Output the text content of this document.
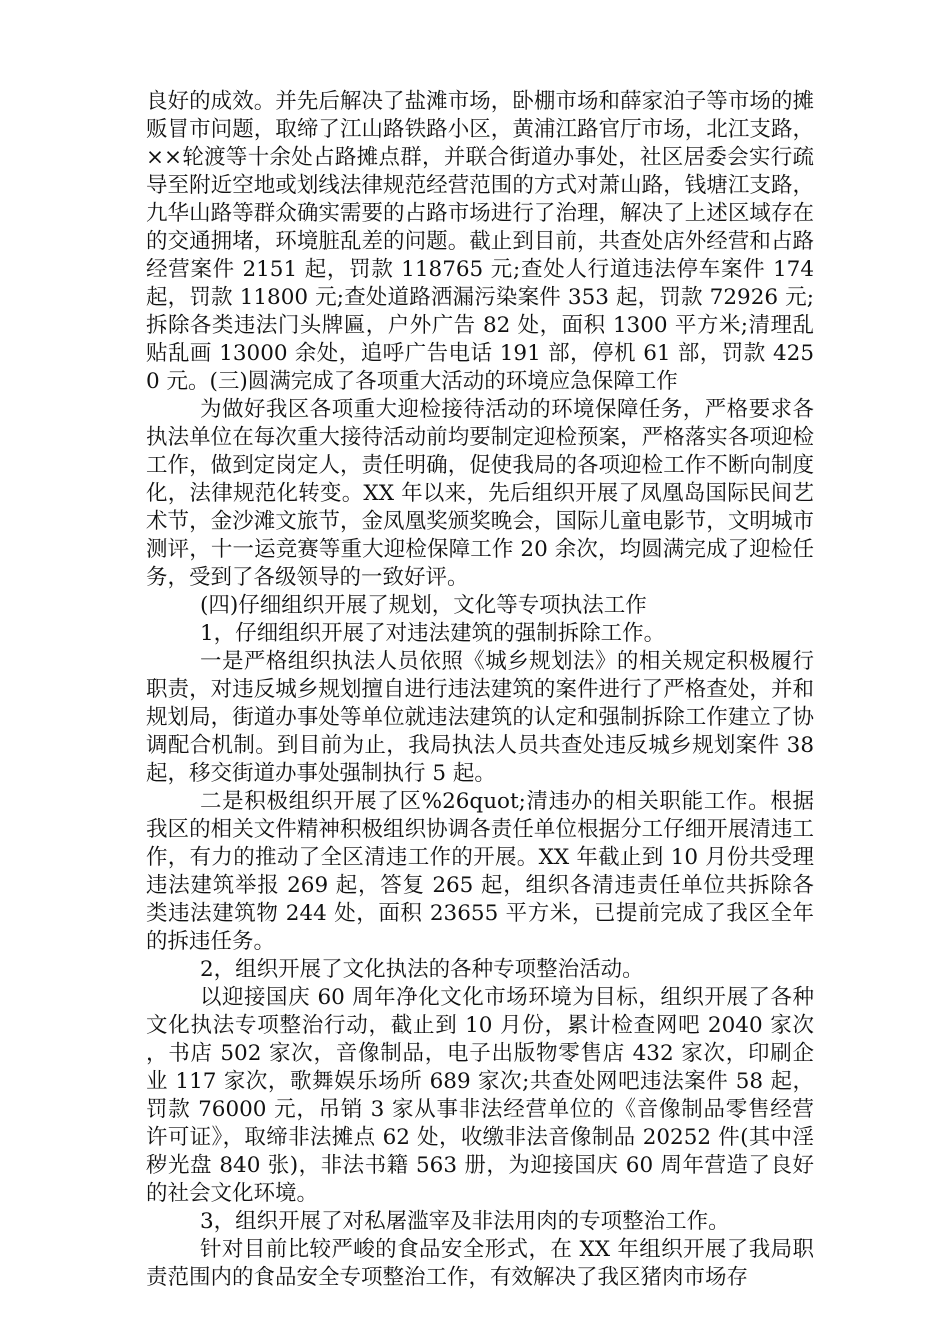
良好的成效。并先后解决了盐滩市场，卧棚市场和薛家泊子等市场的摊贩冒市问题，取缔了江山路铁路小区，黄浦江路官厅市场，北江支路，××轮渡等十余处占路摊点群，并联合街道办事处，社区居委会实行疏导至附近空地或划线法律规范经营范围的方式对萧山路，钱塘江支路，九华山路等群众确实需要的占路市场进行了治理，解决了上述区域存在的交通拥堵，环境脏乱差的问题。截止到目前，共查处店外经营和占路经营案件 2151 起，罚款 118765 元;查处人行道违法停车案件 174 起，罚款 11800 元;查处道路洒漏污染案件 353 起，罚款 72926 元;拆除各类违法门头牌匾，户外广告 82 处，面积 1300 平方米;清理乱贴乱画 13000 余处，追呼广告电话 191 部，停机 61 部，罚款 4250 元。(三)圆满完成了各项重大活动的环境应急保障工作

为做好我区各项重大迎检接待活动的环境保障任务，严格要求各执法单位在每次重大接待活动前均要制定迎检预案，严格落实各项迎检工作，做到定岗定人，责任明确，促使我局的各项迎检工作不断向制度化，法律规范化转变。XX 年以来，先后组织开展了凤凰岛国际民间艺术节，金沙滩文旅节，金凤凰奖颁奖晚会，国际儿童电影节，文明城市测评，十一运竞赛等重大迎检保障工作 20 余次，均圆满完成了迎检任务，受到了各级领导的一致好评。

(四)仔细组织开展了规划，文化等专项执法工作

1，仔细组织开展了对违法建筑的强制拆除工作。

一是严格组织执法人员依照《城乡规划法》的相关规定积极履行职责，对违反城乡规划擅自进行违法建筑的案件进行了严格查处，并和规划局，街道办事处等单位就违法建筑的认定和强制拆除工作建立了协调配合机制。到目前为止，我局执法人员共查处违反城乡规划案件 38 起，移交街道办事处强制执行 5 起。

二是积极组织开展了区%26quot;清违办的相关职能工作。根据我区的相关文件精神积极组织协调各责任单位根据分工仔细开展清违工作，有力的推动了全区清违工作的开展。XX 年截止到 10 月份共受理违法建筑举报 269 起，答复 265 起，组织各清违责任单位共拆除各类违法建筑物 244 处，面积 23655 平方米，已提前完成了我区全年的拆违任务。

2，组织开展了文化执法的各种专项整治活动。

以迎接国庆 60 周年净化文化市场环境为目标，组织开展了各种文化执法专项整治行动，截止到 10 月份，累计检查网吧 2040 家次，书店 502 家次，音像制品，电子出版物零售店 432 家次，印刷企业 117 家次，歌舞娱乐场所 689 家次;共查处网吧违法案件 58 起，罚款 76000 元，吊销 3 家从事非法经营单位的《音像制品零售经营许可证》，取缔非法摊点 62 处，收缴非法音像制品 20252 件(其中淫秽光盘 840 张)，非法书籍 563 册，为迎接国庆 60 周年营造了良好的社会文化环境。

3，组织开展了对私屠滥宰及非法用肉的专项整治工作。

针对目前比较严峻的食品安全形式，在 XX 年组织开展了我局职责范围内的食品安全专项整治工作，有效解决了我区猪肉市场存
